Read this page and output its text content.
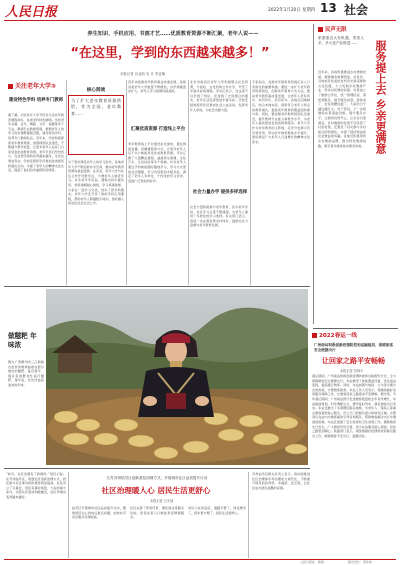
人民日报	2022年1月20日 星期四 13 社会
养生知识、手机应用、书画才艺……优质教育资源不断汇聚，老年人说——
“在这里，学到的东西越来越多！”
本报记者 谷业凯 吴 月 李亚楠
关注老年大学③
建设特色学科 培养专门教师
通了解，河北老年大学开设多元化老年教育课程体系，各类学科特色鲜明。学校设有书画、音乐、舞蹈、文学、保健等多个专业，聘请专业教师授课，根据老年人的学习需求调整课程设置，建设特色学科，培养专门教师队伍。近年来，学校积极探索老年教育规律，加强师资队伍建设，不断提升教学质量，让更多老年人在家门口享受到优质教育资源。老年学员们纷纷表示，在这里学到的东西越来越多，生活也更加充实。学校还组织学员参加各类展览和演出活动，丰富了老年人的精神文化生活，提高了他们的幸福感和获得感。
核心阅读
当了扩大老年教育资源供给，作为全国、老年教育……
为了更好满足老年人的学习需求，各地老年大学不断拓展办学空间，推动老年教育资源向基层延伸。在河北，老年大学与社区合作开设教学点，方便老年人就近学习。许多老年学员说，课程内容丰富实用，老师讲解耐心细致，学习氛围浓厚，大家在一起学习交流，结识了很多新朋友。老年大学还开设了智能手机应用课程，帮助老年人跨越数字鸿沟，更好融入信息化社会生活之中。
汇聚优质资源 打造线上平台
近年来我国老年教育事业快速发展，各级各类老年大学数量不断增加，办学规模逐步扩大，老年人学习热情持续高涨。
老年教育线上平台建设步伐加快，通过网络直播、录播课程等方式，让更多老年人足不出户就能享受优质教育资源。平台汇聚了大量精品课程，涵盖养生保健、文化艺术、生活技能等多个领域。许多老年人通过手机就能随时随地学习，学习方式更加灵活便捷，学习内容更加丰富多彩，满足了老年人多样化、个性化的学习需求，受到广泛欢迎和好评。
北京市海淀区老年大学积极整合社会资源，与高校、文化机构合作办学，开设了丰富多彩的课程。学员们表示，在这里不仅学到了知识，还找到了志同道合的朋友，老年生活变得更加丰富多彩。学校还经常组织学员参加社会公益活动，发挥老年人余热，为社会贡献力量。
社会力量办学 提供多样选择
社会力量积极参与老年教育，民办老年学校、社区学习点等不断涌现，为老年人提供了多样化的学习选择。有关部门表示，将进一步完善政策支持体系，鼓励社会力量参与老年教育发展。
专家指出，发展老年教育是积极应对人口老龄化的重要举措。要进一步扩大老年教育资源供给，创新老年教育方式方法，推动老年教育高质量发展，让老年人老有所学、老有所乐、老有所为。各地应因地制宜，结合本地实际，探索符合老年人特点的教育模式，提高老年教育的覆盖面和参与率。同时，要加强老年教育师资队伍建设，提升教师专业能力和教学水平，为老年人提供更加优质的教育服务。老年大学作为老年教育的主阵地，应充分发挥示范引领作用，带动老年教育整体水平提升，更好满足广大老年人日益增长的精神文化需求。
民声无限
旅游惠农大有机遇，景美人多，多元化产业推进……	服务提上去 乡亲更满意
近年来，各地积极推进乡村旅游发展，旅游惠农效果明显。在某县，当地依托优美的自然风光和深厚的文化底蕴，大力发展乡村旅游产业，带动村民增收致富。村里成立了旅游合作社，统一管理民宿、餐饮等服务，提升服务质量。游客来了，村民的腰包鼓了，大家的日子越过越红火。村干部说，下一步将继续完善基础设施，提升服务水平，让游客玩得开心，让乡亲们更满意。乡村旅游的发展不仅改善了村容村貌，还激发了村民参与乡村振兴的积极性，实现了经济效益和社会效益的双赢。各地还积极培育乡村旅游品牌，推出特色旅游线路，吸引更多游客前来观光体验。
2022春运一线
广州南站积极创新疫情防控和运输组织，保障旅客安全便捷出行
让回家之路平安畅畅
本报记者 贺林平
春运期间，广州南站积极创新疫情防控和运输组织方式，全力保障旅客安全便捷出行。车站增设了智能测温设备，优化进站流程，提高通行效率。同时，车站加强与地铁、公交等交通方式的衔接，方便旅客换乘。车站工作人员表示，将继续做好各项服务保障工作，让旅客回家之路更加平安顺畅。据介绍，今年春运期间，广州南站预计发送旅客数量较去年有所增长，车站提前谋划，科学调配运力，增开临时列车，满足旅客出行需求。车站还推出了多项便民服务措施，为老年人、残疾人等重点旅客提供爱心服务，设立专门的服务窗口和候车区域。志愿者们在站内为旅客提供引导咨询服务，帮助旅客解决出行中遇到的困难。车站还加强了安全检查和卫生消毒工作，确保旅客出行安全。广大旅客纷纷点赞，表示车站服务贴心周到，回家之路更加顺心。铁路部门表示，将统筹做好疫情防控和春运服务工作，确保旅客平安出行、温暖回家。
做糍粑 年味浓
图为广西柳州市三江侗族自治县的侗族姑娘在展示做好的糍粑。临近春节，侗乡各地群众忙着打糍粑、备年货，处处洋溢着浓浓的年味。
“如今，社区治理有了新模样。”居民们说。在苏州姑苏区，街道社区创新治理方式，居民参与社区事务的积极性明显提高。社区设立了议事会，居民有事好商量，大家的事大家办，邻里关系更加和睦融洽，社区环境也变得越来越好。
江苏苏州姑苏区创新基层治理方式，开展城市社区品质提升行动
社区治理暖人心 居民生活更舒心
本报记者 白光迪
姑苏区开展城市社区品质提升行动，聚焦居民关心的热点难点问题，加快补齐社区服务设施短板。
社区完善了养老托育、便民商业等服务功能，居民在家门口就能享受便捷服务。
老旧小区改造后，道路平整了，绿化增多了，停车更方便了，居民生活更舒心。
苏州姑苏区相关负责人表示，将持续推进社区治理体系和治理能力现代化，不断提升居民的获得感、幸福感、安全感，让社区成为居民温馨的家园。
人民日报社 · 新闻 ·	版式设计：蔡华伟
